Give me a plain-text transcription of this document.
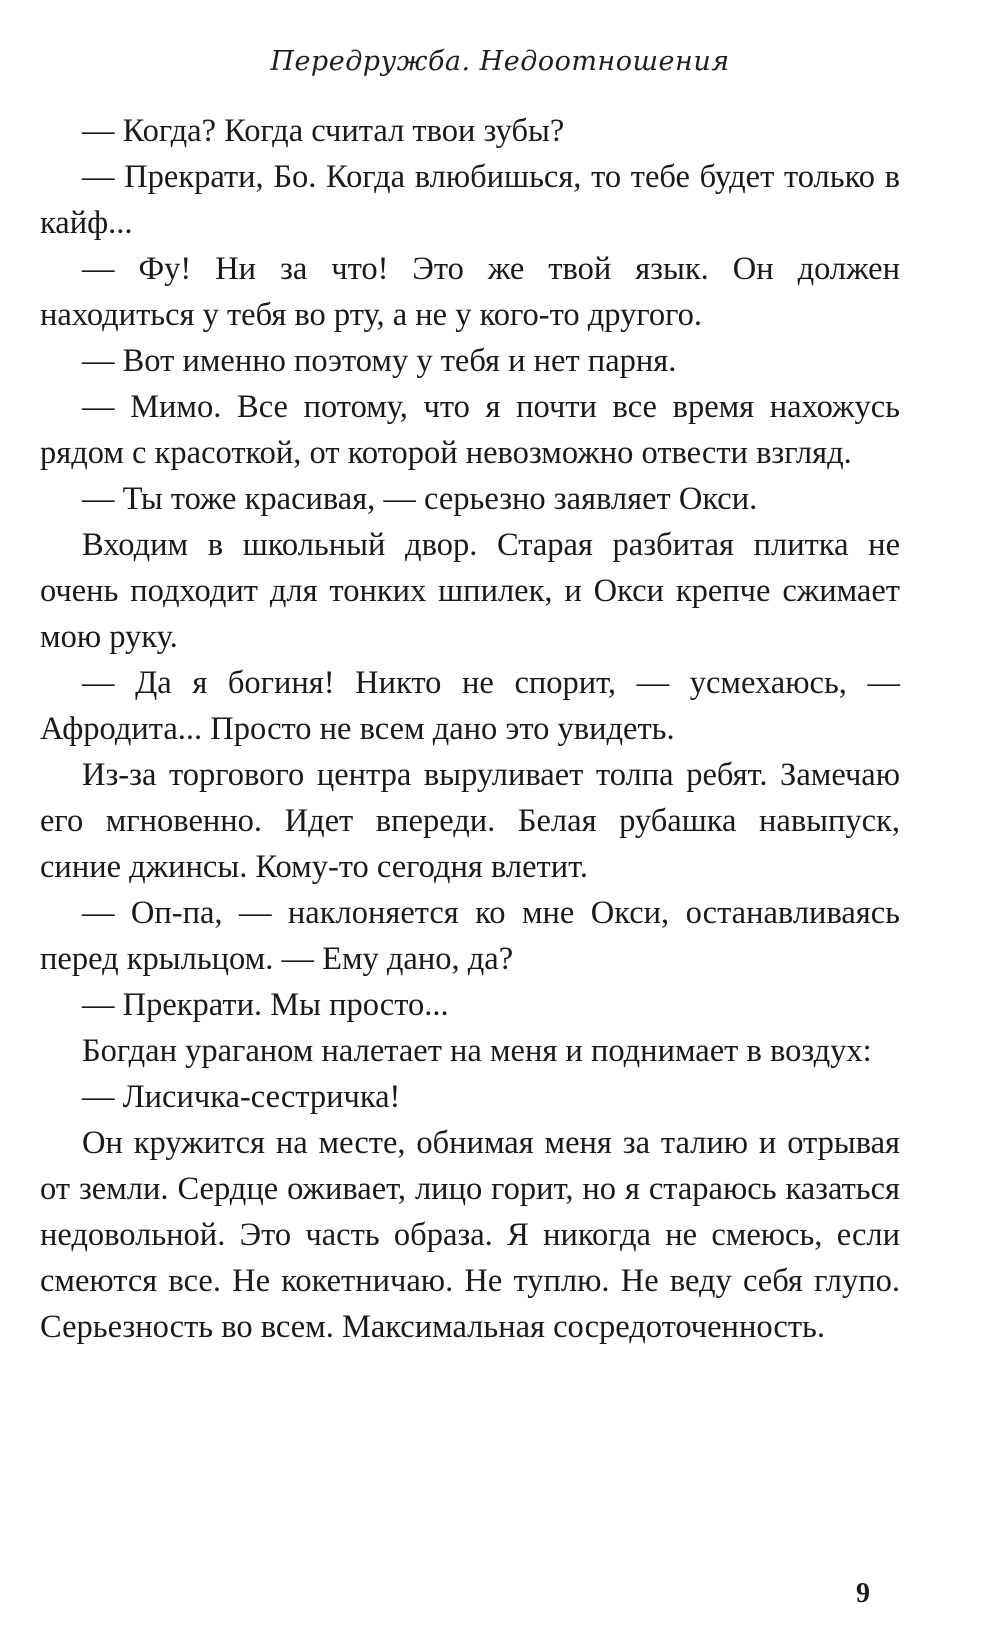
Передружба. Недоотношения

— Когда? Когда считал твои зубы?

— Прекрати, Бо. Когда влюбишься, то тебе будет только в кайф...

— Фу! Ни за что! Это же твой язык. Он должен находиться у тебя во рту, а не у кого-то другого.

— Вот именно поэтому у тебя и нет парня.

— Мимо. Все потому, что я почти все время нахожусь рядом с красоткой, от которой невозможно отвести взгляд.

— Ты тоже красивая, — серьезно заявляет Окси.

Входим в школьный двор. Старая разбитая плитка не очень подходит для тонких шпилек, и Окси крепче сжимает мою руку.

— Да я богиня! Никто не спорит, — усмехаюсь, — Афродита... Просто не всем дано это увидеть.

Из-за торгового центра выруливает толпа ребят. Замечаю его мгновенно. Идет впереди. Белая рубашка навыпуск, синие джинсы. Кому-то сегодня влетит.

— Оп-па, — наклоняется ко мне Окси, останавливаясь перед крыльцом. — Ему дано, да?

— Прекрати. Мы просто...

Богдан ураганом налетает на меня и поднимает в воздух:

— Лисичка-сестричка!

Он кружится на месте, обнимая меня за талию и отрывая от земли. Сердце оживает, лицо горит, но я стараюсь казаться недовольной. Это часть образа. Я никогда не смеюсь, если смеются все. Не кокетничаю. Не туплю. Не веду себя глупо. Серьезность во всем. Максимальная сосредоточенность.

9
